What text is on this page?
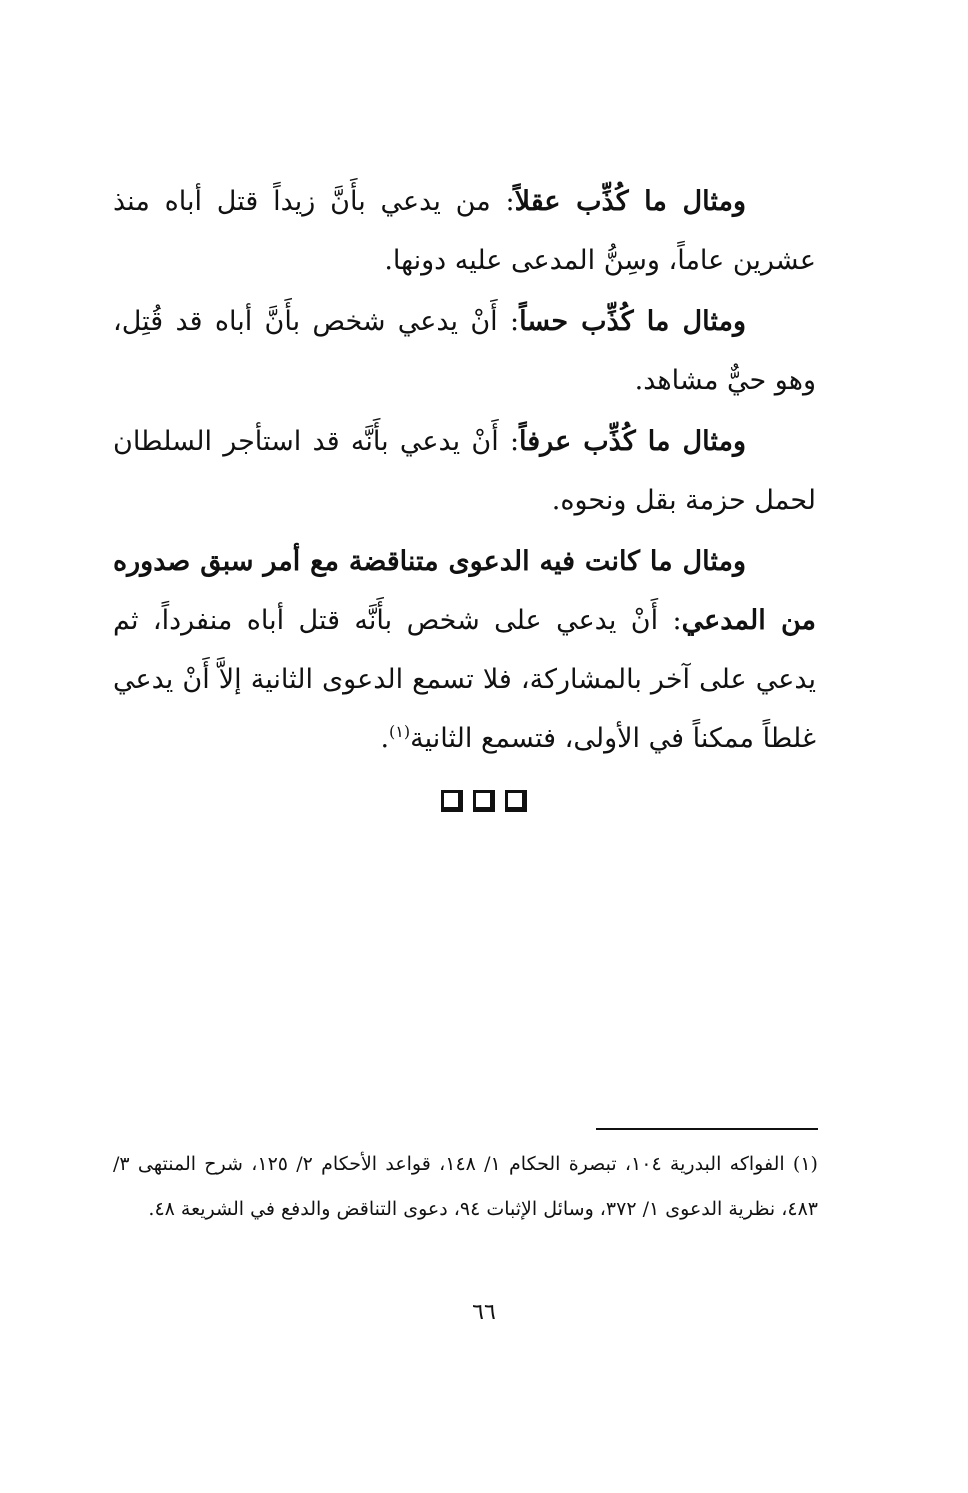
ومثال ما كُذِّب عقلاً: من يدعي بأَنَّ زيداً قتل أباه منذ عشرين عاماً، وسِنُّ المدعى عليه دونها.

ومثال ما كُذِّب حساً: أَنْ يدعي شخص بأَنَّ أباه قد قُتِل، وهو حيٌّ مشاهد.

ومثال ما كُذِّب عرفاً: أَنْ يدعي بأَنَّه قد استأجر السلطان لحمل حزمة بقل ونحوه.

ومثال ما كانت فيه الدعوى متناقضة مع أمر سبق صدوره من المدعي: أَنْ يدعي على شخص بأَنَّه قتل أباه منفرداً، ثم يدعي على آخر بالمشاركة، فلا تسمع الدعوى الثانية إلاَّ أَنْ يدعي غلطاً ممكناً في الأولى، فتسمع الثانية$^{(١)}$.

(١) الفواكه البدرية ١٠٤، تبصرة الحكام ١/ ١٤٨، قواعد الأحكام ٢/ ١٢٥، شرح المنتهى ٣/ ٤٨٣، نظرية الدعوى ١/ ٣٧٢، وسائل الإثبات ٩٤، دعوى التناقض والدفع في الشريعة ٤٨.

٦٦
